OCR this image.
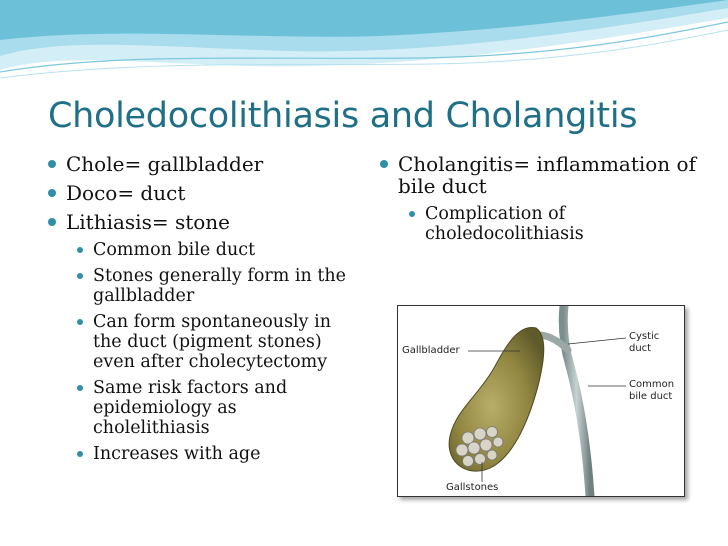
Choledocolithiasis and Cholangitis
Chole= gallbladder
Doco= duct
Lithiasis= stone
Common bile duct
Stones generally form in the gallbladder
Can form spontaneously in the duct (pigment stones) even after cholecytectomy
Same risk factors and epidemiology as cholelithiasis
Increases with age
Cholangitis= inflammation of bile duct
Complication of choledocolithiasis
Gallbladder
Cystic duct
Common bile duct
Gallstones
